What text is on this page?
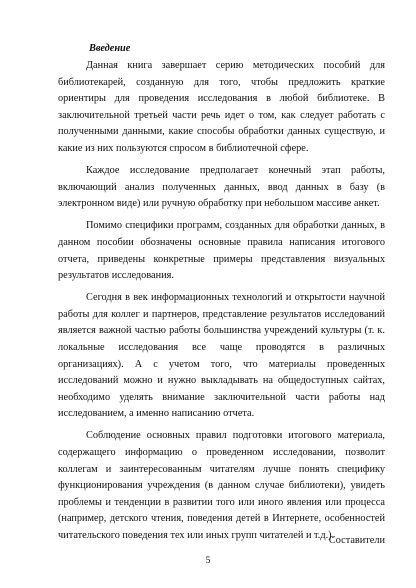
Введение

Данная книга завершает серию методических пособий для библиотекарей, созданную для того, чтобы предложить краткие ориентиры для проведения исследования в любой библиотеке. В заключительной третьей части речь идет о том, как следует работать с полученными данными, какие способы обработки данных существую, и какие из них пользуются спросом в библиотечной сфере.

Каждое исследование предполагает конечный этап работы, включающий анализ полученных данных, ввод данных в базу (в электронном виде) или ручную обработку при небольшом массиве анкет.

Помимо специфики программ, созданных для обработки данных, в данном пособии обозначены основные правила написания итогового отчета, приведены конкретные примеры представления визуальных результатов исследования.

Сегодня в век информационных технологий и открытости научной работы для коллег и партнеров, представление результатов исследований является важной частью работы большинства учреждений культуры (т. к. локальные исследования все чаще проводятся в различных организациях). А с учетом того, что материалы проведенных исследований можно и нужно выкладывать на общедоступных сайтах, необходимо уделять внимание заключительной части работы над исследованием, а именно написанию отчета.

Соблюдение основных правил подготовки итогового материала, содержащего информацию о проведенном исследовании, позволит коллегам и заинтересованным читателям лучше понять специфику функционирования учреждения (в данном случае библиотеки), увидеть проблемы и тенденции в развитии того или иного явления или процесса (например, детского чтения, поведения детей в Интернете, особенностей читательского поведения тех или иных групп читателей и т.д.).

Составители
5
